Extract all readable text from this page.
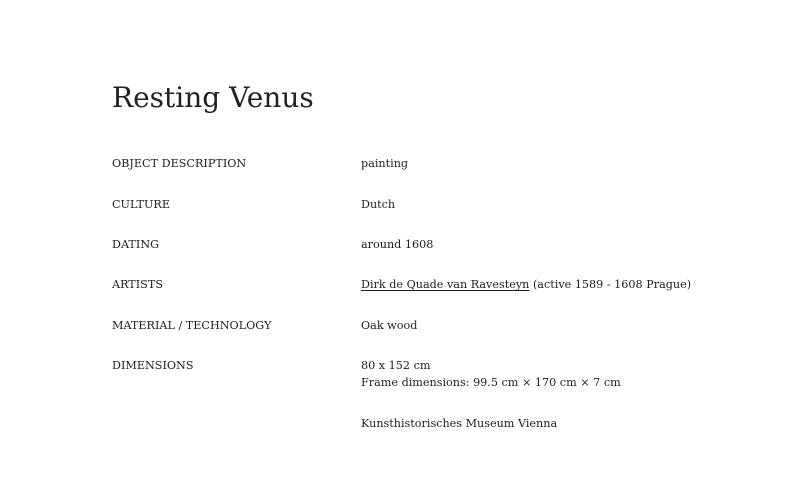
Resting Venus
OBJECT DESCRIPTION	painting
CULTURE	Dutch
DATING	around 1608
ARTISTS	Dirk de Quade van Ravesteyn (active 1589 - 1608 Prague)
MATERIAL / TECHNOLOGY	Oak wood
DIMENSIONS	80 x 152 cm
Frame dimensions: 99.5 cm × 170 cm × 7 cm
Kunsthistorisches Museum Vienna
